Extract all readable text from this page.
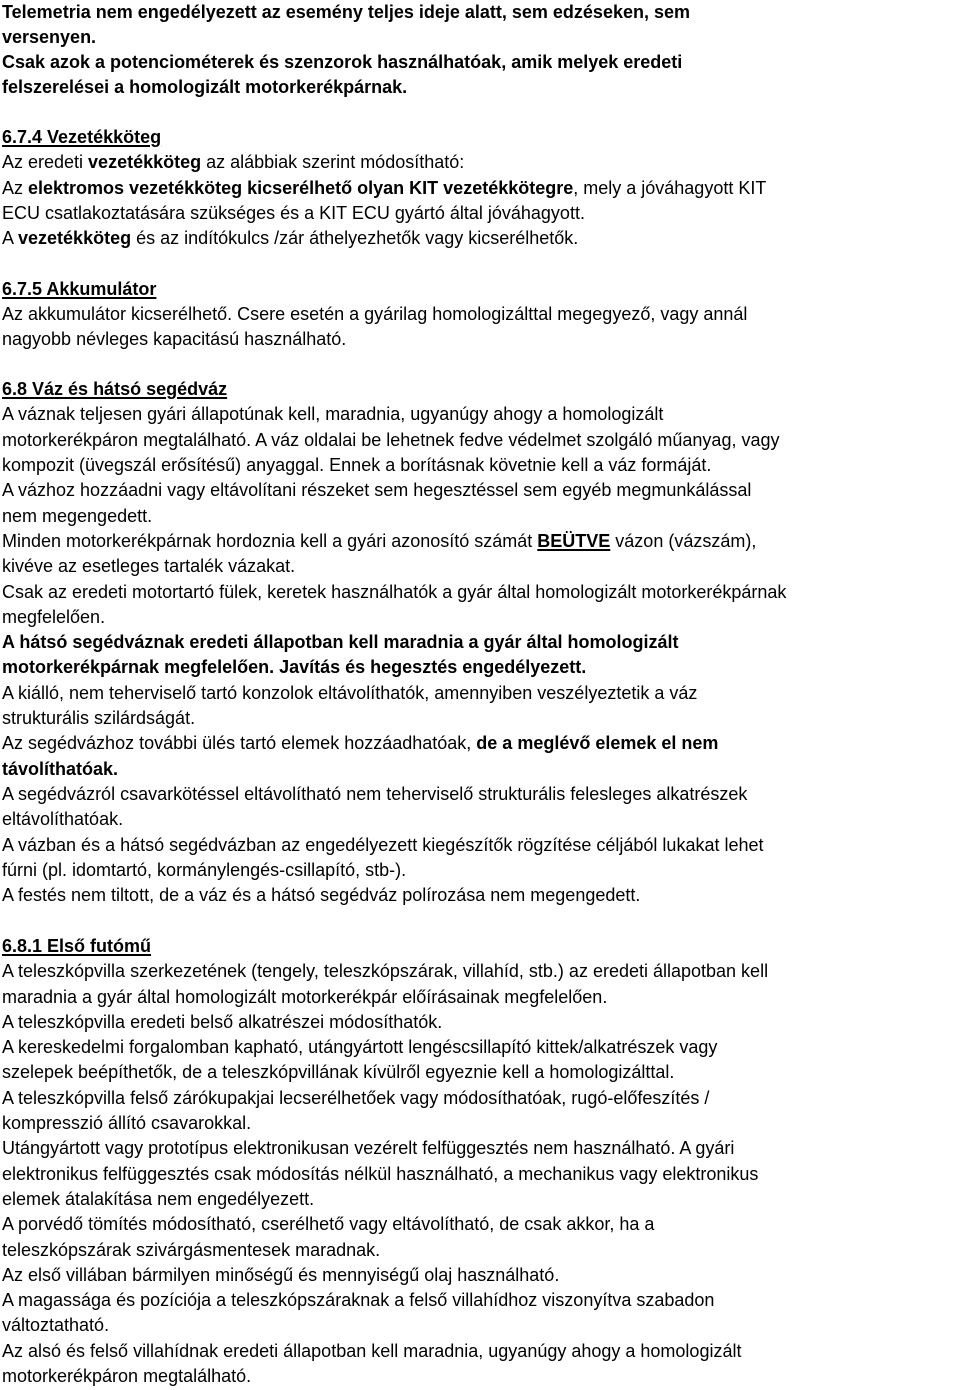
Telemetria nem engedélyezett az esemény teljes ideje alatt, sem edzéseken, sem
versenyen.
Csak azok a potenciométerek és szenzorok használhatóak, amik melyek eredeti
felszerelései a homologizált motorkerékpárnak.
6.7.4 Vezetékköteg
Az eredeti vezetékköteg az alábbiak szerint módosítható:
Az elektromos vezetékköteg kicserélhető olyan KIT vezetékkötegre, mely a jóváhagyott KIT
ECU csatlakoztatására szükséges és a KIT ECU gyártó által jóváhagyott.
A vezetékköteg és az indítókulcs /zár áthelyezhetők vagy kicserélhetők.
6.7.5 Akkumulátor
Az akkumulátor kicserélhető. Csere esetén a gyárilag homologizálttal megegyező, vagy annál
nagyobb névleges kapacitású használható.
6.8 Váz és hátsó segédváz
A váznak teljesen gyári állapotúnak kell, maradnia, ugyanúgy ahogy a homologizált
motorkerékpáron megtalálható. A váz oldalai be lehetnek fedve védelmet szolgáló műanyag, vagy
kompozit (üvegszál erősítésű) anyaggal. Ennek a borításnak követnie kell a váz formáját.
A vázhoz hozzáadni vagy eltávolítani részeket sem hegesztéssel sem egyéb megmunkálással
nem megengedett.
Minden motorkerékpárnak hordoznia kell a gyári azonosító számát BEÜTVE vázon (vázszám),
kivéve az esetleges tartalék vázakat.
Csak az eredeti motortartó fülek, keretek használhatók a gyár által homologizált motorkerékpárnak
megfelelően.
A hátsó segédváznak eredeti állapotban kell maradnia a gyár által homologizált
motorkerékpárnak megfelelően. Javítás és hegesztés engedélyezett.
A kiálló, nem teherviselő tartó konzolok eltávolíthatók, amennyiben veszélyeztetik a váz
strukturális szilárdságát.
Az segédvázhoz további ülés tartó elemek hozzáadhatóak, de a meglévő elemek el nem
távolíthatóak.
A segédvázról csavarkötéssel eltávolítható nem teherviselő strukturális felesleges alkatrészek
eltávolíthatóak.
A vázban és a hátsó segédvázban az engedélyezett kiegészítők rögzítése céljából lukakat lehet
fúrni (pl. idomtartó, kormánylengés-csillapító, stb-).
A festés nem tiltott, de a váz és a hátsó segédváz polírozása nem megengedett.
6.8.1 Első futómű
A teleszkópvilla szerkezetének (tengely, teleszkópszárak, villahíd, stb.) az eredeti állapotban kell
maradnia a gyár által homologizált motorkerékpár előírásainak megfelelően.
A teleszkópvilla eredeti belső alkatrészei módosíthatók.
A kereskedelmi forgalomban kapható, utángyártott lengéscsillapító kittek/alkatrészek vagy
szelepek beépíthetők, de a teleszkópvillának kívülről egyeznie kell a homologizálttal.
A teleszkópvilla felső zárókupakjai lecserélhetőek vagy módosíthatóak, rugó-előfeszítés /
kompresszió állító csavarokkal.
Utángyártott vagy prototípus elektronikusan vezérelt felfüggesztés nem használható. A gyári
elektronikus felfüggesztés csak módosítás nélkül használható, a mechanikus vagy elektronikus
elemek átalakítása nem engedélyezett.
A porvédő tömítés módosítható, cserélhető vagy eltávolítható, de csak akkor, ha a
teleszkópszárak szivárgásmentesek maradnak.
Az első villában bármilyen minőségű és mennyiségű olaj használható.
A magassága és pozíciója a teleszkópszáraknak a felső villahídhoz viszonyítva szabadon
változtatható.
Az alsó és felső villahídnak eredeti állapotban kell maradnia, ugyanúgy ahogy a homologizált
motorkerékpáron megtalálható.
